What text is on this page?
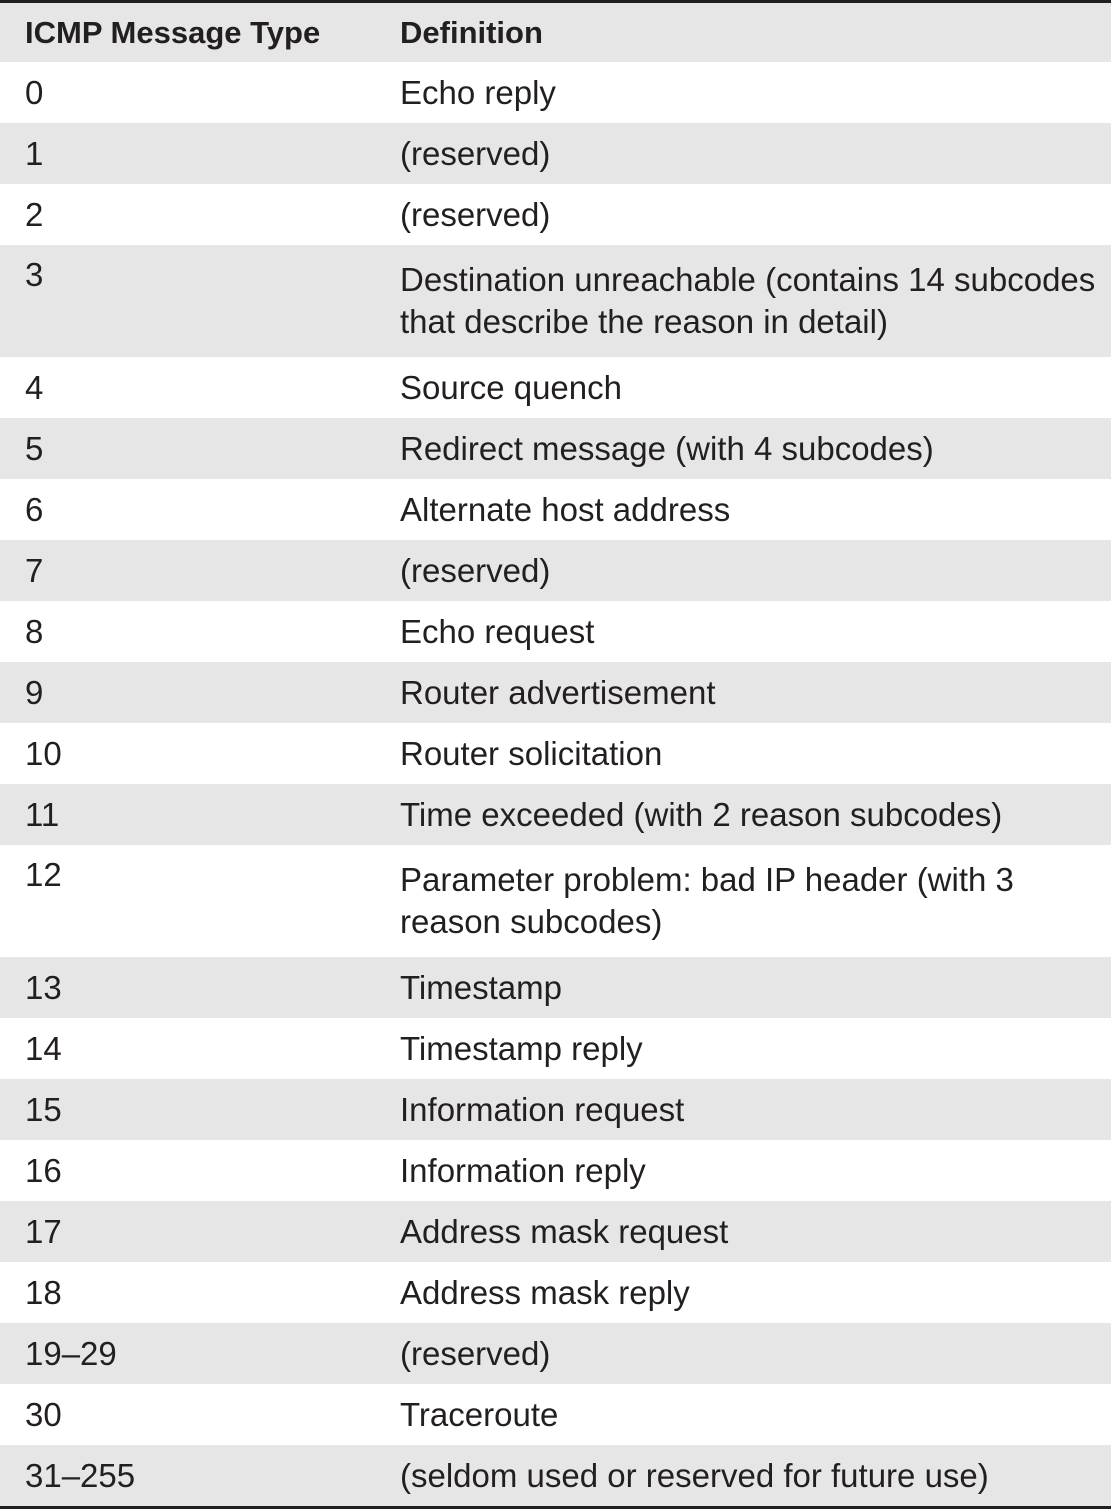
ICMP Message Type	Definition
0	Echo reply
1	(reserved)
2	(reserved)
3	Destination unreachable (contains 14 subcodes that describe the reason in detail)
4	Source quench
5	Redirect message (with 4 subcodes)
6	Alternate host address
7	(reserved)
8	Echo request
9	Router advertisement
10	Router solicitation
11	Time exceeded (with 2 reason subcodes)
12	Parameter problem: bad IP header (with 3 reason subcodes)
13	Timestamp
14	Timestamp reply
15	Information request
16	Information reply
17	Address mask request
18	Address mask reply
19–29	(reserved)
30	Traceroute
31–255	(seldom used or reserved for future use)
